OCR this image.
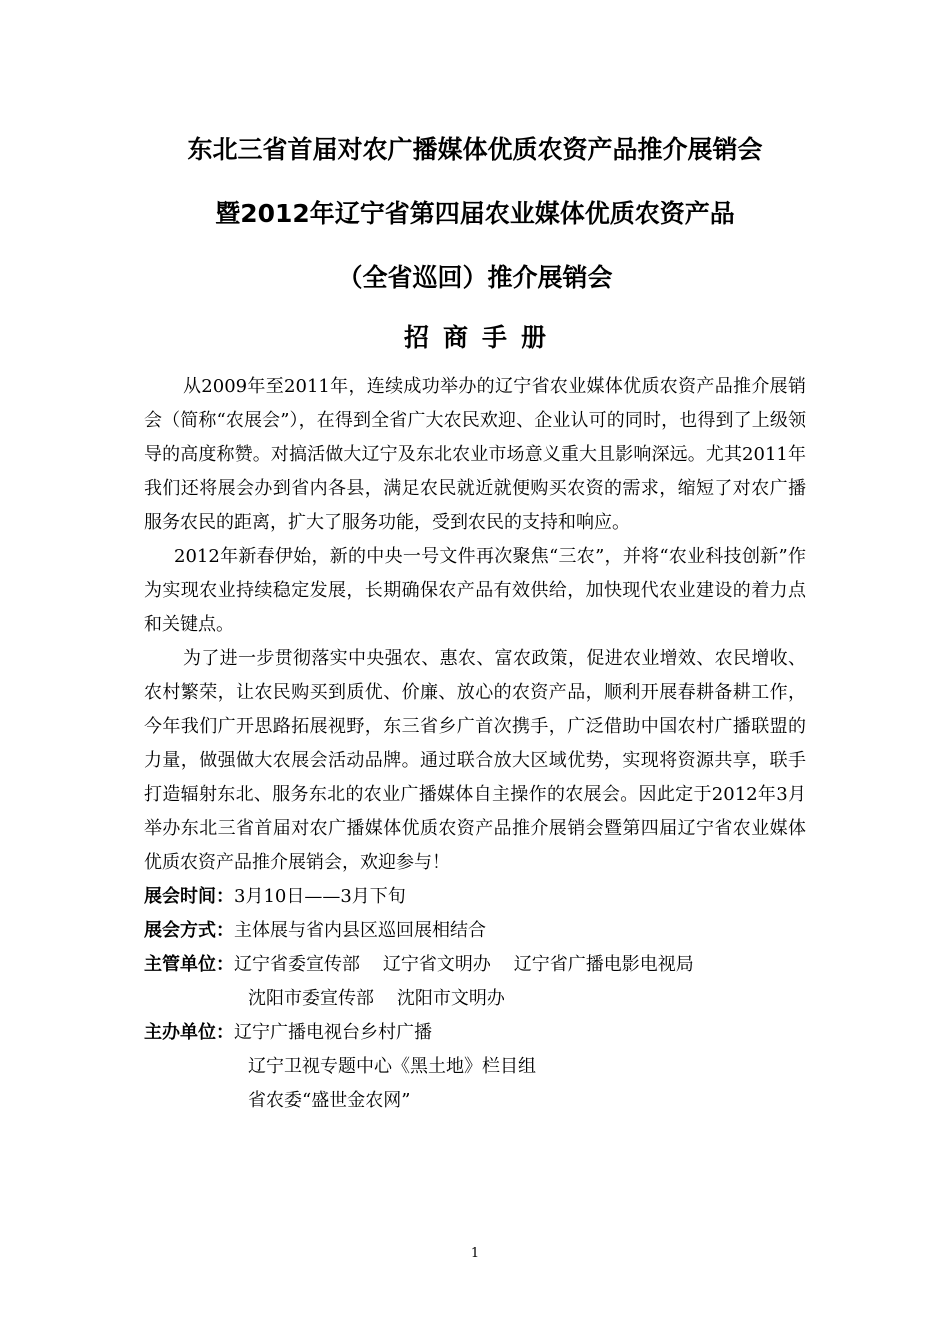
东北三省首届对农广播媒体优质农资产品推介展销会
暨2012年辽宁省第四届农业媒体优质农资产品
（全省巡回）推介展销会
招商手册

从2009年至2011年，连续成功举办的辽宁省农业媒体优质农资产品推介展销会（简称“农展会”），在得到全省广大农民欢迎、企业认可的同时，也得到了上级领导的高度称赞。对搞活做大辽宁及东北农业市场意义重大且影响深远。尤其2011年我们还将展会办到省内各县，满足农民就近就便购买农资的需求，缩短了对农广播服务农民的距离，扩大了服务功能，受到农民的支持和响应。

2012年新春伊始，新的中央一号文件再次聚焦“三农”，并将“农业科技创新”作为实现农业持续稳定发展，长期确保农产品有效供给，加快现代农业建设的着力点和关键点。

为了进一步贯彻落实中央强农、惠农、富农政策，促进农业增效、农民增收、农村繁荣，让农民购买到质优、价廉、放心的农资产品，顺利开展春耕备耕工作，今年我们广开思路拓展视野，东三省乡广首次携手，广泛借助中国农村广播联盟的力量，做强做大农展会活动品牌。通过联合放大区域优势，实现将资源共享，联手打造辐射东北、服务东北的农业广播媒体自主操作的农展会。因此定于2012年3月举办东北三省首届对农广播媒体优质农资产品推介展销会暨第四届辽宁省农业媒体优质农资产品推介展销会，欢迎参与！

展会时间： 3月10日——3月下旬
展会方式： 主体展与省内县区巡回展相结合
主管单位： 辽宁省委宣传部    辽宁省文明办    辽宁省广播电影电视局
沈阳市委宣传部    沈阳市文明办
主办单位： 辽宁广播电视台乡村广播
辽宁卫视专题中心《黑土地》栏目组
省农委“盛世金农网”
1
